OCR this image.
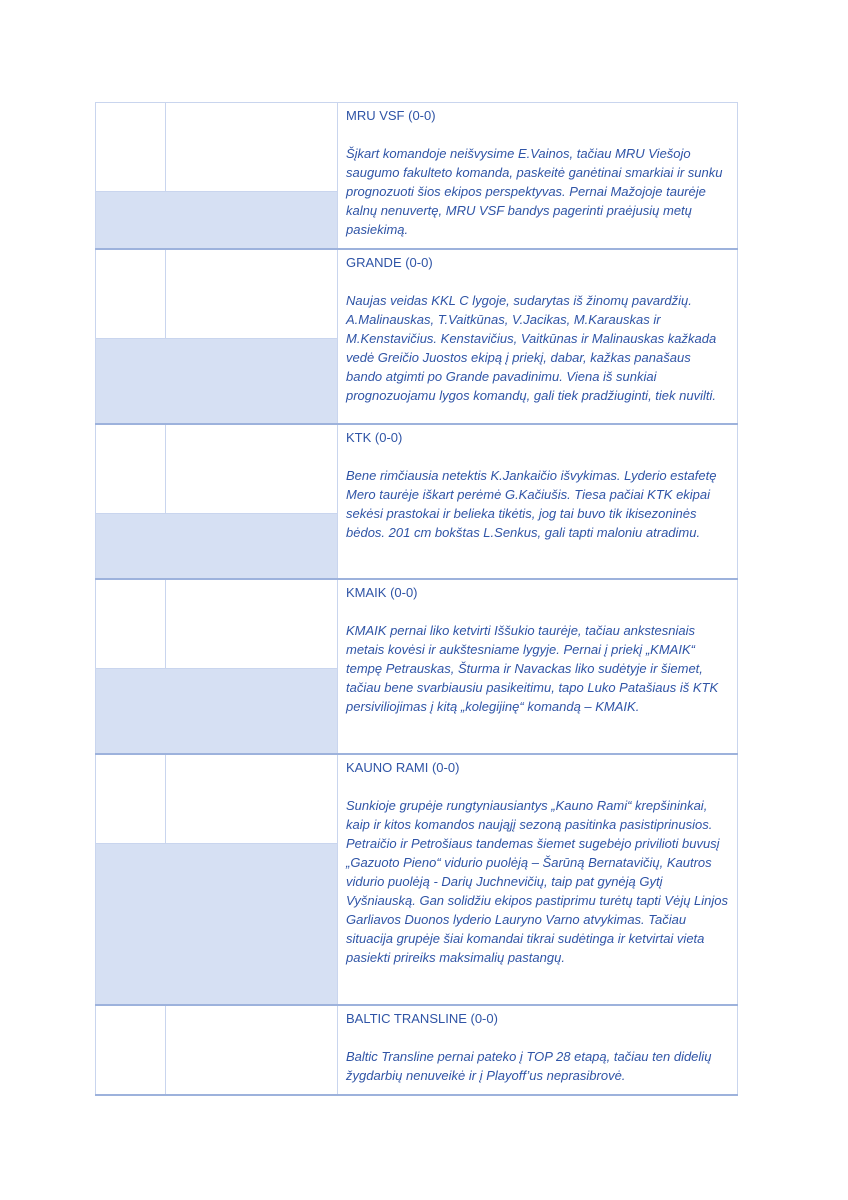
MRU VSF (0-0)

Šįkart komandoje neišvysime E.Vainos, tačiau MRU Viešojo saugumo fakulteto komanda, paskeitė ganėtinai smarkiai ir sunku prognozuoti šios ekipos perspektyvas. Pernai Mažojoje taurėje kalnų nenuvertę, MRU VSF bandys pagerinti praėjusių metų pasiekimą.

GRANDE (0-0)

Naujas veidas KKL C lygoje, sudarytas iš žinomų pavardžių. A.Malinauskas, T.Vaitkūnas, V.Jacikas, M.Karauskas ir M.Kenstavičius. Kenstavičius, Vaitkūnas ir Malinauskas kažkada vedė Greičio Juostos ekipą į priekį, dabar, kažkas panašaus bando atgimti po Grande pavadinimu. Viena iš sunkiai prognozuojamu lygos komandų, gali tiek pradžiuginti, tiek nuvilti.

KTK (0-0)

Bene rimčiausia netektis K.Jankaičio išvykimas. Lyderio estafetę Mero taurėje iškart perėmė G.Kačiušis. Tiesa pačiai KTK ekipai sekėsi prastokai ir belieka tikėtis, jog tai buvo tik ikisezoninės bėdos. 201 cm bokštas L.Senkus, gali tapti maloniu atradimu.

KMAIK (0-0)

KMAIK pernai liko ketvirti Iššukio taurėje, tačiau ankstesniais metais kovėsi ir aukštesniame lygyje. Pernai į priekį „KMAIK“ tempę Petrauskas, Šturma ir Navackas liko sudėtyje ir šiemet, tačiau bene svarbiausiu pasikeitimu, tapo Luko Patašiaus iš KTK persiviliojimas į kitą „kolegijinę“ komandą – KMAIK.

KAUNO RAMI (0-0)

Sunkioje grupėje rungtyniausiantys „Kauno Rami“ krepšininkai, kaip ir kitos komandos naująjį sezoną pasitinka pasistiprinusios. Petraičio ir Petrošiaus tandemas šiemet sugebėjo privilioti buvusį „Gazuoto Pieno“ vidurio puolėją – Šarūną Bernatavičių, Kautros vidurio puolėją - Darių Juchnevičių, taip pat gynėją Gytį Vyšniauską. Gan solidžiu ekipos pastiprimu turėtų tapti Vėjų Linjos Garliavos Duonos lyderio Lauryno Varno atvykimas. Tačiau situacija grupėje šiai komandai tikrai sudėtinga ir ketvirtai vieta pasiekti prireiks maksimalių pastangų.

BALTIC TRANSLINE (0-0)

Baltic Transline pernai pateko į TOP 28 etapą, tačiau ten didelių žygdarbių nenuveikė ir į Playoff’us neprasibrovė.
